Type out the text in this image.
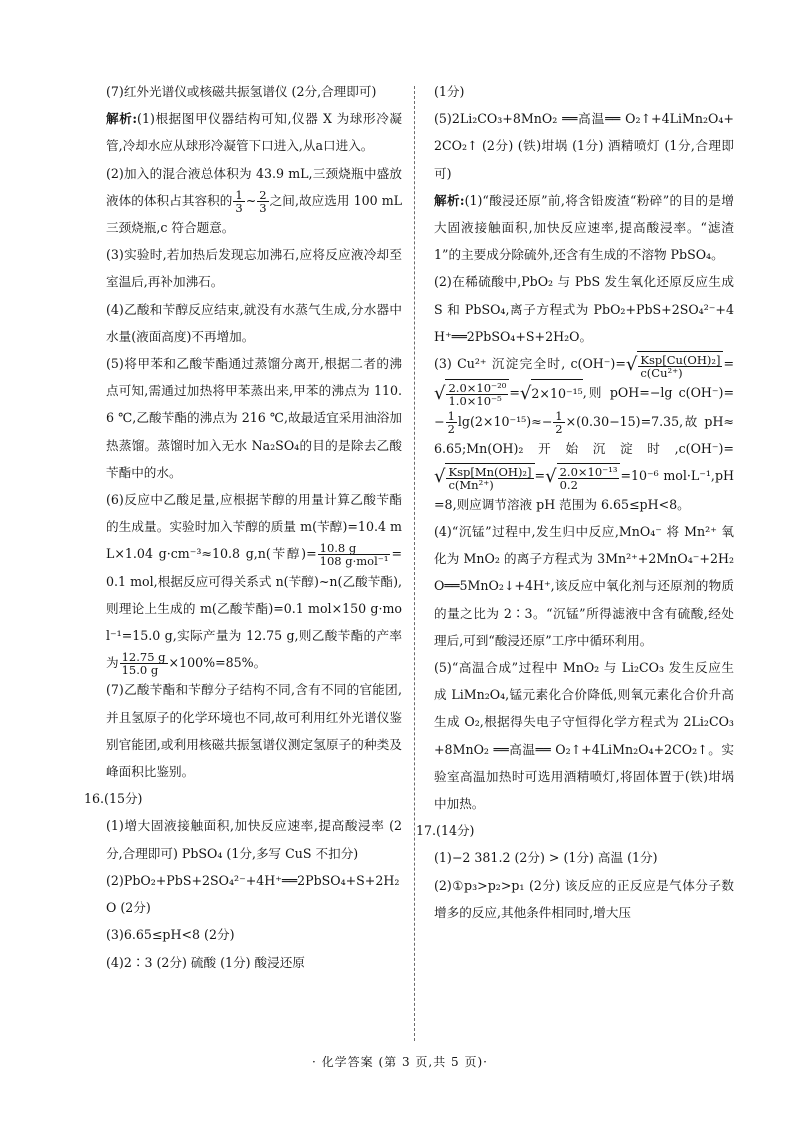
(7)红外光谱仪或核磁共振氢谱仪 (2分,合理即可)

解析:(1)根据图甲仪器结构可知,仪器 X 为球形冷凝管,冷却水应从球形冷凝管下口进入,从a口进入。

(2)加入的混合液总体积为 43.9 mL,三颈烧瓶中盛放液体的体积占其容积的 $\frac{1}{3}$ ~ $\frac{2}{3}$ 之间,故应选用 100 mL 三颈烧瓶,c 符合题意。

(3)实验时,若加热后发现忘加沸石,应将反应液冷却至室温后,再补加沸石。

(4)乙酸和苄醇反应结束,就没有水蒸气生成,分水器中水量(液面高度)不再增加。

(5)将甲苯和乙酸苄酯通过蒸馏分离开,根据二者的沸点可知,需通过加热将甲苯蒸出来,甲苯的沸点为 110.6 ℃,乙酸苄酯的沸点为 216 ℃,故最适宜采用油浴加热蒸馏。蒸馏时加入无水 Na₂SO₄的目的是除去乙酸苄酯中的水。

(6)反应中乙酸足量,应根据苄醇的用量计算乙酸苄酯的生成量。实验时加入苄醇的质量 m(苄醇)=10.4 mL×1.04 g·cm⁻³≈10.8 g,n(苄醇)= $\frac{10.8 g}{\text{108 g·mol⁻¹}} =0.1$ mol,根据反应可得关系式 n(苄醇)~n(乙酸苄酯),则理论上生成的 m(乙酸苄酯)=0.1 mol×150 g·mol⁻¹=15.0 g,实际产量为 12.75 g,则乙酸苄酯的产率为 $\frac{12.75 g}{15.0 g} \times 100\%=85\%$。

(7)乙酸苄酯和苄醇分子结构不同,含有不同的官能团,并且氢原子的化学环境也不同,故可利用红外光谱仪鉴别官能团,或利用核磁共振氢谱仪测定氢原子的种类及峰面积比鉴别。

16.(15分)

(1)增大固液接触面积,加快反应速率,提高酸浸率 (2分,合理即可) PbSO₄ (1分,多写 CuS 不扣分)

(2)PbO₂+PbS+2SO₄²⁻+4H⁺══2PbSO₄+S+2H₂O (2分)

(3)6.65≤pH<8 (2分)

(4)2∶3 (2分) 硫酸 (1分) 酸浸还原

(1分)

(5)2Li₂CO₃+8MnO₂ ══高温══ O₂↑+4LiMn₂O₄+2CO₂↑ (2分) (铁)坩埚 (1分) 酒精喷灯 (1分,合理即可)

解析:(1)“酸浸还原”前,将含铅废渣“粉碎”的目的是增大固液接触面积,加快反应速率,提高酸浸率。“滤渣 1”的主要成分除硫外,还含有生成的不溶物 PbSO₄。

(2)在稀硫酸中,PbO₂ 与 PbS 发生氧化还原反应生成 S 和 PbSO₄,离子方程式为 PbO₂+PbS+2SO₄²⁻+4H⁺══2PbSO₄+S+2H₂O。

(3) Cu²⁺ 沉淀完全时, $c(OH^-)=√ \frac{\text{Ksp[Cu(OH)₂]}}{\text{c(Cu²⁺)}}$ =√ $\frac{\text{2.0×10⁻²⁰}}{\text{1.0×10⁻⁵}} =√2\times 10^{-15}$,则 pOH=−lg $c(OH^-)=- \frac{1}{2} \lg(2\times 10^{-15})\approx- \frac{1}{2} \times(0.30-15)=7.35$,故 pH≈6.65;Mn(OH)₂开始沉淀时$,c(OH^-)=√ \frac{\text{Ksp[Mn(OH)₂]}}{\text{c(Mn²⁺)}}$ =√ $\frac{\text{2.0×10⁻¹³}}{0.2} =10^{-6}$ mol·L⁻¹,pH=8,则应调节溶液 pH 范围为 6.65≤pH<8。

(4)“沉锰”过程中,发生归中反应,MnO₄⁻ 将 Mn²⁺ 氧化为 MnO₂ 的离子方程式为 3Mn²⁺+2MnO₄⁻+2H₂O══5MnO₂↓+4H⁺,该反应中氧化剂与还原剂的物质的量之比为 2∶3。“沉锰”所得滤液中含有硫酸,经处理后,可到“酸浸还原”工序中循环利用。

(5)“高温合成”过程中 MnO₂ 与 Li₂CO₃ 发生反应生成 LiMn₂O₄,锰元素化合价降低,则氧元素化合价升高生成 O₂,根据得失电子守恒得化学方程式为 2Li₂CO₃+8MnO₂ ══高温══ O₂↑+4LiMn₂O₄+2CO₂↑。实验室高温加热时可选用酒精喷灯,将固体置于(铁)坩埚中加热。

17.(14分)

(1)−2 381.2 (2分) > (1分) 高温 (1分)

(2)①p₃>p₂>p₁ (2分) 该反应的正反应是气体分子数增多的反应,其他条件相同时,增大压

· 化学答案 (第 3 页,共 5 页)·
